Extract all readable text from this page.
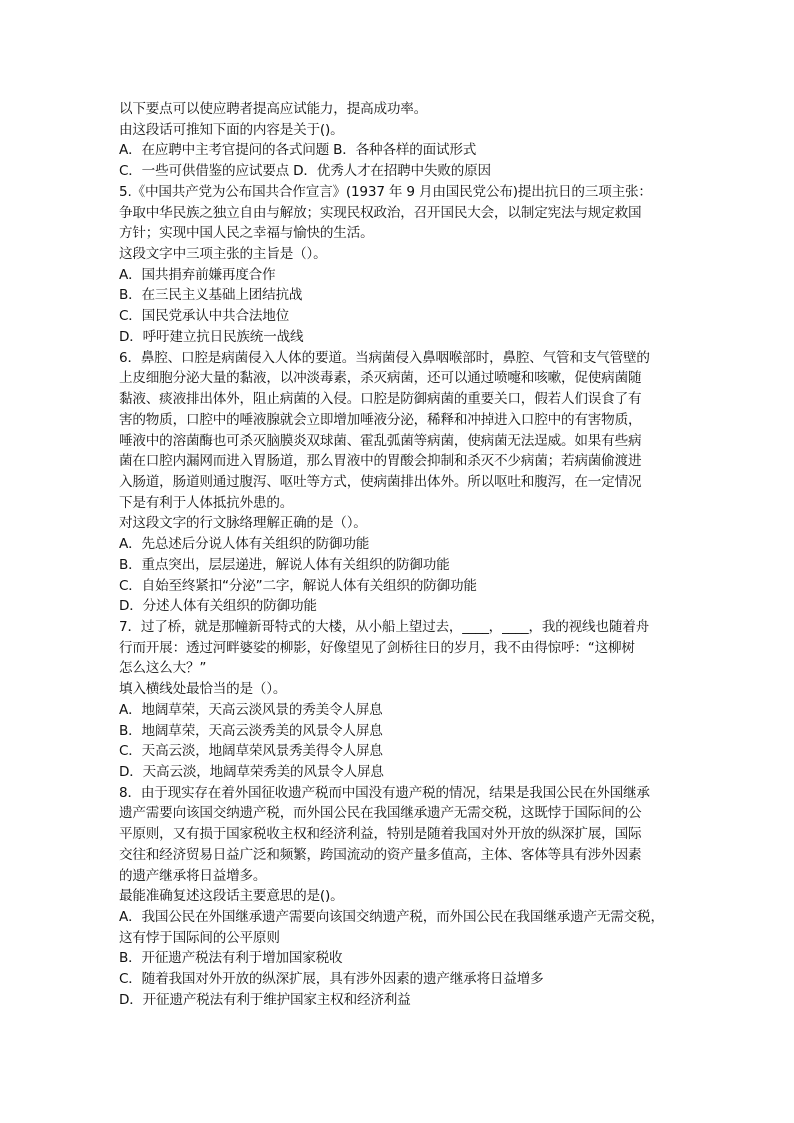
以下要点可以使应聘者提高应试能力，提高成功率。
由这段话可推知下面的内容是关于()。
A．在应聘中主考官提问的各式问题 B．各种各样的面试形式
C．一些可供借鉴的应试要点 D．优秀人才在招聘中失败的原因
5.《中国共产党为公布国共合作宣言》(1937 年 9 月由国民党公布)提出抗日的三项主张：
争取中华民族之独立自由与解放；实现民权政治，召开国民大会，以制定宪法与规定救国
方针；实现中国人民之幸福与愉快的生活。
这段文字中三项主张的主旨是（）。
A．国共捐弃前嫌再度合作
B．在三民主义基础上团结抗战
C．国民党承认中共合法地位
D．呼吁建立抗日民族统一战线
6．鼻腔、口腔是病菌侵入人体的要道。当病菌侵入鼻咽喉部时，鼻腔、气管和支气管壁的
上皮细胞分泌大量的黏液，以冲淡毒素，杀灭病菌，还可以通过喷嚏和咳嗽，促使病菌随
黏液、痰液排出体外，阻止病菌的入侵。口腔是防御病菌的重要关口，假若人们误食了有
害的物质，口腔中的唾液腺就会立即增加唾液分泌，稀释和冲掉进入口腔中的有害物质，
唾液中的溶菌酶也可杀灭脑膜炎双球菌、霍乱弧菌等病菌，使病菌无法逞威。如果有些病
菌在口腔内漏网而进入胃肠道，那么胃液中的胃酸会抑制和杀灭不少病菌；若病菌偷渡进
入肠道，肠道则通过腹泻、呕吐等方式，使病菌排出体外。所以呕吐和腹泻，在一定情况
下是有利于人体抵抗外患的。
对这段文字的行文脉络理解正确的是（）。
A．先总述后分说人体有关组织的防御功能
B．重点突出，层层递进，解说人体有关组织的防御功能
C．自始至终紧扣“分泌”二字，解说人体有关组织的防御功能
D．分述人体有关组织的防御功能
7．过了桥，就是那幢新哥特式的大楼，从小船上望过去，____，____，我的视线也随着舟
行而开展：透过河畔婆娑的柳影，好像望见了剑桥往日的岁月，我不由得惊呼：“这柳树
怎么这么大？”
填入横线处最恰当的是（）。
A．地阔草荣，天高云淡风景的秀美令人屏息
B．地阔草荣，天高云淡秀美的风景令人屏息
C．天高云淡，地阔草荣风景秀美得令人屏息
D．天高云淡，地阔草荣秀美的风景令人屏息
8．由于现实存在着外国征收遗产税而中国没有遗产税的情况，结果是我国公民在外国继承
遗产需要向该国交纳遗产税，而外国公民在我国继承遗产无需交税，这既悖于国际间的公
平原则，又有损于国家税收主权和经济利益，特别是随着我国对外开放的纵深扩展，国际
交往和经济贸易日益广泛和频繁，跨国流动的资产量多值高，主体、客体等具有涉外因素
的遗产继承将日益增多。
最能准确复述这段话主要意思的是()。
A．我国公民在外国继承遗产需要向该国交纳遗产税，而外国公民在我国继承遗产无需交税，
这有悖于国际间的公平原则
B．开征遗产税法有利于增加国家税收
C．随着我国对外开放的纵深扩展，具有涉外因素的遗产继承将日益增多
D．开征遗产税法有利于维护国家主权和经济利益
